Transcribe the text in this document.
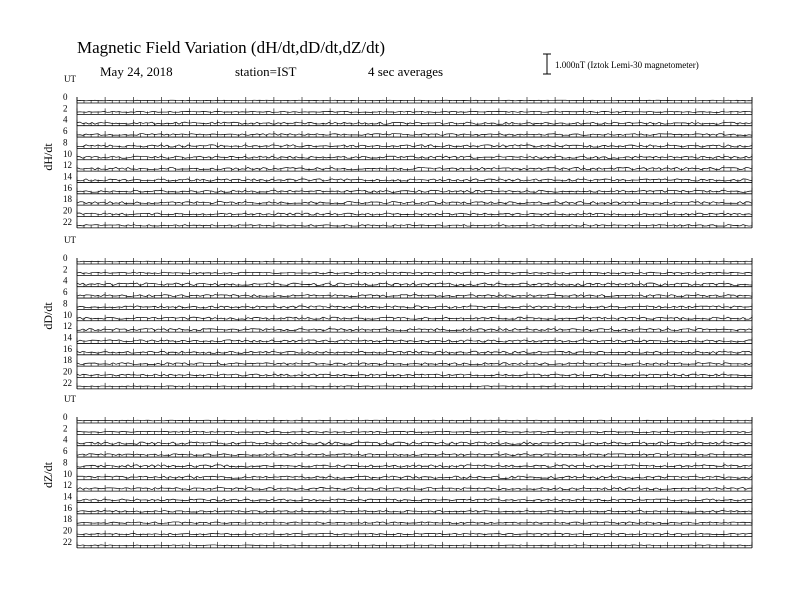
UT
dH/dt
0
2
4
6
8
10
12
14
16
18
20
22
UT
dD/dt
0
2
4
6
8
10
12
14
16
18
20
22
UT
dZ/dt
0
2
4
6
8
10
12
14
16
18
20
22
Magnetic Field Variation (dH/dt,dD/dt,dZ/dt)
May 24, 2018	station=IST	4 sec averages	1.000nT (Iztok Lemi-30 magnetometer)
